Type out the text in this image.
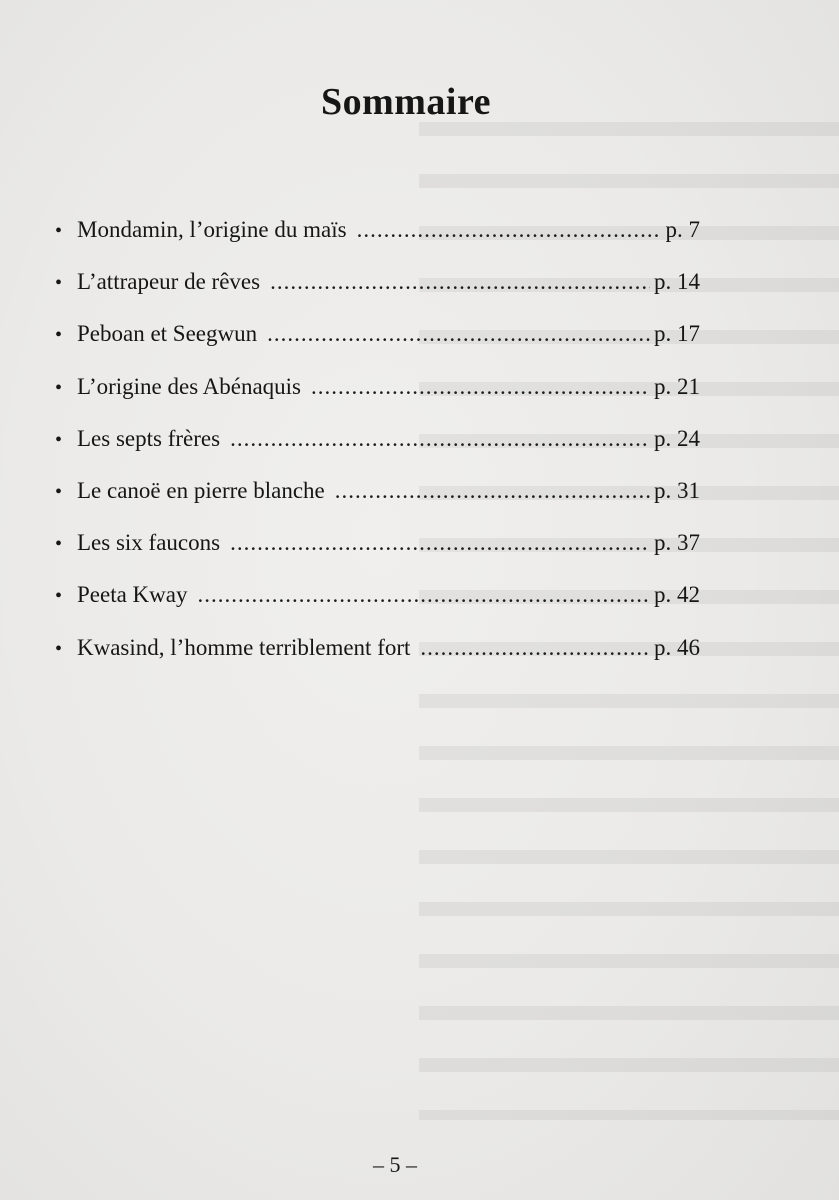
Sommaire
• Mondamin, l’origine du maïs .....	p. 7
• L’attrapeur de rêves .....	p. 14
• Peboan et Seegwun .....	p. 17
• L’origine des Abénaquis .....	p. 21
• Les septs frères .....	p. 24
• Le canoë en pierre blanche .....	p. 31
• Les six faucons .....	p. 37
• Peeta Kway .....	p. 42
• Kwasind, l’homme terriblement fort .....	p. 46
– 5 –
